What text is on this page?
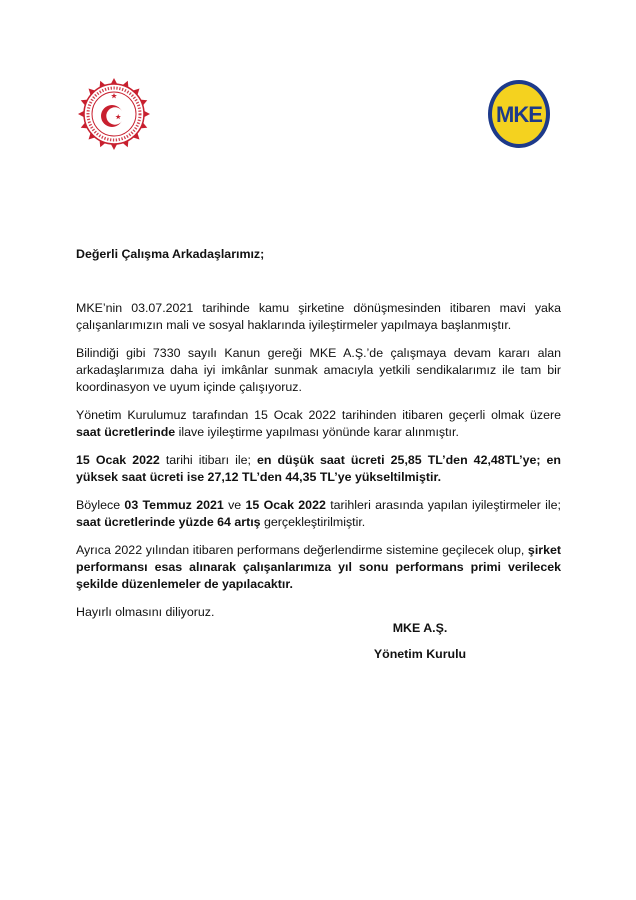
MKE

Değerli Çalışma Arkadaşlarımız;

MKE’nin 03.07.2021 tarihinde kamu şirketine dönüşmesinden itibaren mavi yaka çalışanlarımızın mali ve sosyal haklarında iyileştirmeler yapılmaya başlanmıştır.

Bilindiği gibi 7330 sayılı Kanun gereği MKE A.Ş.’de çalışmaya devam kararı alan arkadaşlarımıza daha iyi imkânlar sunmak amacıyla yetkili sendikalarımız ile tam bir koordinasyon ve uyum içinde çalışıyoruz.

Yönetim Kurulumuz tarafından 15 Ocak 2022 tarihinden itibaren geçerli olmak üzere saat ücretlerinde ilave iyileştirme yapılması yönünde karar alınmıştır.

15 Ocak 2022 tarihi itibarı ile; en düşük saat ücreti 25,85 TL’den 42,48TL’ye; en yüksek saat ücreti ise 27,12 TL’den 44,35 TL’ye yükseltilmiştir.

Böylece 03 Temmuz 2021 ve 15 Ocak 2022 tarihleri arasında yapılan iyileştirmeler ile; saat ücretlerinde yüzde 64 artış gerçekleştirilmiştir.

Ayrıca 2022 yılından itibaren performans değerlendirme sistemine geçilecek olup, şirket performansı esas alınarak çalışanlarımıza yıl sonu performans primi verilecek şekilde düzenlemeler de yapılacaktır.

Hayırlı olmasını diliyoruz.

MKE A.Ş.

Yönetim Kurulu
